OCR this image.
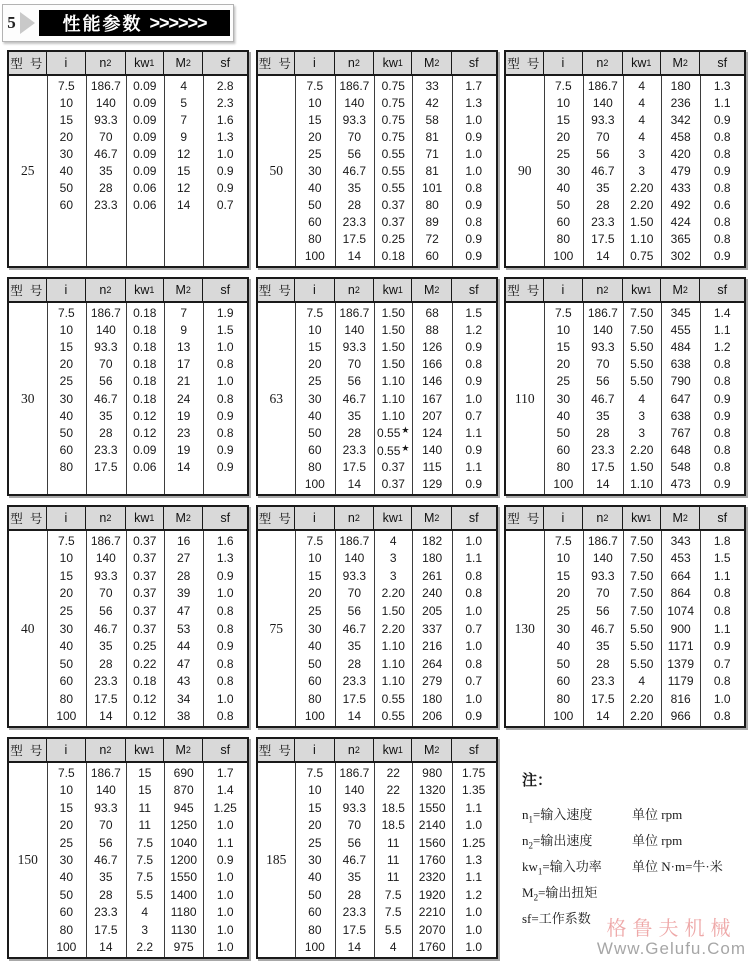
5	性能参数 >>>>>>
型 号	i	n 2	kw 1	M 2	sf
25
7.5	186.7	0.09	4	2.8
10	140	0.09	5	2.3
15	93.3	0.09	7	1.6
20	70	0.09	9	1.3
30	46.7	0.09	12	1.0
40	35	0.09	15	0.9
50	28	0.06	12	0.9
60	23.3	0.06	14	0.7
型 号	i	n 2	kw 1	M 2	sf
50
7.5	186.7	0.75	33	1.7
10	140	0.75	42	1.3
15	93.3	0.75	58	1.0
20	70	0.75	81	0.9
25	56	0.55	71	1.0
30	46.7	0.55	81	1.0
40	35	0.55	101	0.8
50	28	0.37	80	0.9
60	23.3	0.37	89	0.8
80	17.5	0.25	72	0.9
100	14	0.18	60	0.9
型 号	i	n 2	kw 1	M 2	sf
90
7.5	186.7	4	180	1.3
10	140	4	236	1.1
15	93.3	4	342	0.9
20	70	4	458	0.8
25	56	3	420	0.8
30	46.7	3	479	0.9
40	35	2.20	433	0.8
50	28	2.20	492	0.6
60	23.3	1.50	424	0.8
80	17.5	1.10	365	0.8
100	14	0.75	302	0.9
型 号	i	n 2	kw 1	M 2	sf
30
7.5	186.7	0.18	7	1.9
10	140	0.18	9	1.5
15	93.3	0.18	13	1.0
20	70	0.18	17	0.8
25	56	0.18	21	1.0
30	46.7	0.18	24	0.8
40	35	0.12	19	0.9
50	28	0.12	23	0.8
60	23.3	0.09	19	0.9
80	17.5	0.06	14	0.9
型 号	i	n 2	kw 1	M 2	sf
63
7.5	186.7	1.50	68	1.5
10	140	1.50	88	1.2
15	93.3	1.50	126	0.9
20	70	1.50	166	0.8
25	56	1.10	146	0.9
30	46.7	1.10	167	1.0
40	35	1.10	207	0.7
50	28	0.55★	124	1.1
60	23.3 0.55★	140	0.9
80	17.5	0.37	115	1.1
100	14	0.37	129	0.9
型 号	i	n 2	kw 1	M 2	sf
110
7.5	186.7	7.50	345	1.4
10	140	7.50	455	1.1
15	93.3	5.50	484	1.2
20	70	5.50	638	0.8
25	56	5.50	790	0.8
30	46.7	4	647	0.9
40	35	3	638	0.9
50	28	3	767	0.8
60	23.3	2.20	648	0.8
80	17.5	1.50	548	0.8
100	14	1.10	473	0.9
型 号	i	n 2	kw 1	M 2	sf
40
7.5	186.7	0.37	16	1.6
10	140	0.37	27	1.3
15	93.3	0.37	28	0.9
20	70	0.37	39	1.0
25	56	0.37	47	0.8
30	46.7	0.37	53	0.8
40	35	0.25	44	0.9
50	28	0.22	47	0.8
60	23.3	0.18	43	0.8
80	17.5	0.12	34	1.0
100	14	0.12	38	0.8
型 号	i	n 2	kw 1	M 2	sf
75
7.5	186.7	4	182	1.0
10	140	3	180	1.1
15	93.3	3	261	0.8
20	70	2.20	240	0.8
25	56	1.50	205	1.0
30	46.7	2.20	337	0.7
40	35	1.10	216	1.0
50	28	1.10	264	0.8
60	23.3	1.10	279	0.7
80	17.5	0.55	180	1.0
100	14	0.55	206	0.9
型 号	i	n 2	kw 1	M 2	sf
130
7.5	186.7	7.50	343	1.8
10	140	7.50	453	1.5
15	93.3	7.50	664	1.1
20	70	7.50	864	0.8
25	56	7.50	1074	0.8
30	46.7	5.50	900	1.1
40	35	5.50	1171	0.9
50	28	5.50	1379	0.7
60	23.3	4	1179	0.8
80	17.5	2.20	816	1.0
100	14	2.20	966	0.8
型 号	i	n 2	kw 1	M 2	sf
150
7.5	186.7	15	690	1.7
10	140	15	870	1.4
15	93.3	11	945	1.25
20	70	11	1250	1.0
25	56	7.5	1040	1.1
30	46.7	7.5	1200	0.9
40	35	7.5	1550	1.0
50	28	5.5	1400	1.0
60	23.3	4	1180	1.0
80	17.5	3	1130	1.0
100	14	2.2	975	1.0
型 号	i	n 2	kw 1	M 2	sf
185
7.5	186.7	22	980	1.75
10	140	22	1320	1.35
15	93.3	18.5	1550	1.1
20	70	18.5	2140	1.0
25	56	11	1560	1.25
30	46.7	11	1760	1.3
40	35	11	2320	1.1
50	28	7.5	1920	1.2
60	23.3	7.5	2210	1.0
80	17.5	5.5	2070	1.0
100	14	4	1760	1.0
注：
$n_1=$输入速度	单位 rpm
$n_2=$输出速度	单位 rpm
$kw_1=$输入功率	单位 N·m=牛·米
$M_2=$输出扭矩
sf=工作系数 格鲁夫机械
Www.Gelufu.Com
